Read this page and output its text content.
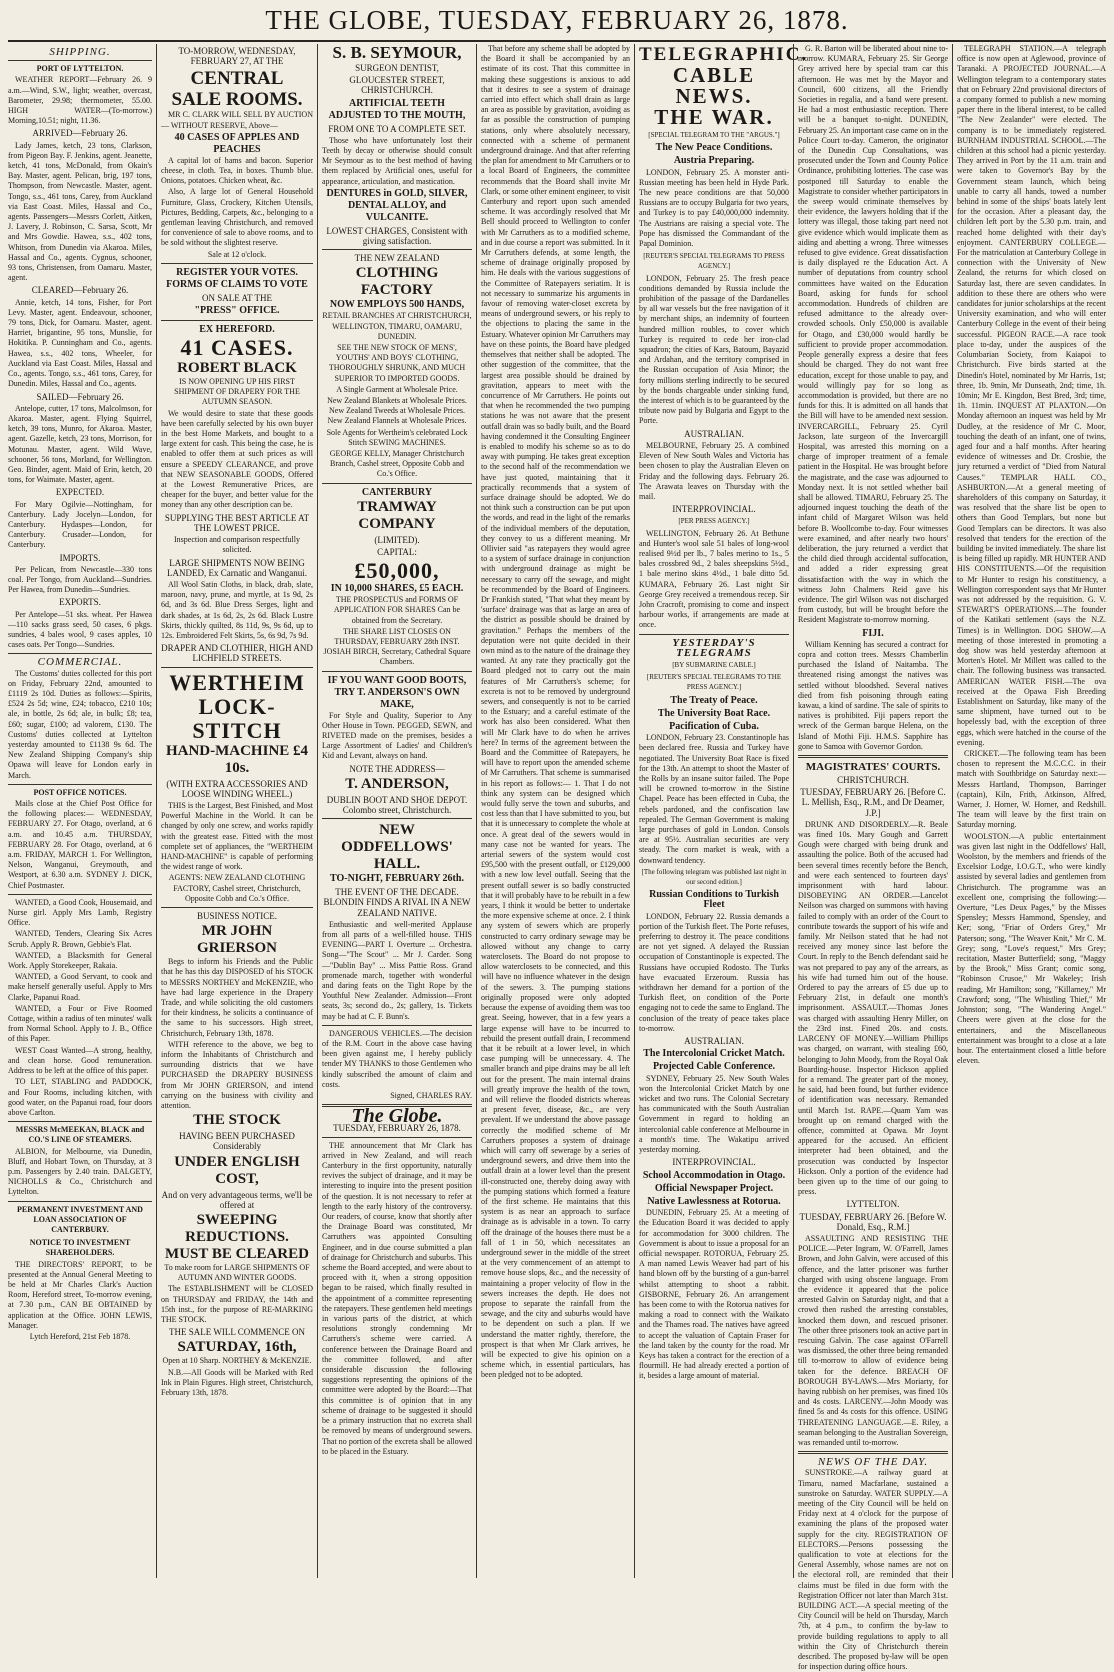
THE GLOBE, TUESDAY, FEBRUARY 26, 1878.
SHIPPING.
PORT OF LYTTELTON.

WEATHER REPORT—February 26. 9 a.m.—Wind, S.W., light; weather, overcast, Barometer, 29.98; thermometer, 55.00. HIGH WATER—(To-morrow.) Morning,10.51; night, 11.36.

ARRIVED—February 26.

Lady James, ketch, 23 tons, Clarkson, from Pigeon Bay. F. Jenkins, agent. Jeanette, ketch, 41 tons, McDonald, from Okain's Bay. Master, agent. Pelican, brig, 197 tons, Thompson, from Newcastle. Master, agent. Tongo, s.s., 461 tons, Carey, from Auckland via East Coast. Miles, Hassal and Co., agents. Passengers—Messrs Corlett, Aitken, J. Lavery, J. Robinson, C. Sarsa, Scott, Mr and Mrs Gowdie. Hawea, s.s., 402 tons, Whitson, from Dunedin via Akaroa. Miles, Hassal and Co., agents. Cygnus, schooner, 93 tons, Christensen, from Oamaru. Master, agent.

CLEARED—February 26.

Annie, ketch, 14 tons, Fisher, for Port Levy. Master, agent. Endeavour, schooner, 79 tons, Dick, for Oamaru. Master, agent. Harriet, brigantine, 95 tons, Munslie, for Hokitika. P. Cunningham and Co., agents. Hawea, s.s., 402 tons, Wheeler, for Auckland via East Coast. Miles, Hassal and Co., agents. Tongo, s.s., 461 tons, Carey, for Dunedin. Miles, Hassal and Co., agents.

SAILED—February 26.

Antelope, cutter, 17 tons, Malcolmson, for Akaroa. Master, agent. Flying Squirrel, ketch, 39 tons, Munro, for Akaroa. Master, agent. Gazelle, ketch, 23 tons, Morrison, for Motunau. Master, agent. Wild Wave, schooner, 56 tons, Morland, for Wellington. Geo. Binder, agent. Maid of Erin, ketch, 20 tons, for Waimate. Master, agent.

EXPECTED.

For Mary Ogilvie—Nottingham, for Canterbury. Lady Jocelyn—London, for Canterbury. Hydaspes—London, for Canterbury. Crusader—London, for Canterbury.

IMPORTS.

Per Pelican, from Newcastle—330 tons coal. Per Tongo, from Auckland—Sundries. Per Hawea, from Dunedin—Sundries.

EXPORTS.

Per Antelope—51 sks. wheat. Per Hawea—110 sacks grass seed, 50 cases, 6 pkgs. sundries, 4 bales wool, 9 cases apples, 10 cases oats. Per Tongo—Sundries.

COMMERCIAL.

The Customs' duties collected for this port on Friday, February 22nd, amounted to £1119 2s 10d. Duties as follows:—Spirits, £524 2s 5d; wine, £24; tobacco, £210 10s; ale, in bottle, 2s 6d; ale, in bulk; £8; tea, £60; sugar, £100; ad valorem, £130. The Customs' duties collected at Lyttelton yesterday amounted to £1138 9s 6d. The New Zealand Shipping Company's ship Opawa will leave for London early in March.

POST OFFICE NOTICES.

Mails close at the Chief Post Office for the following places:— WEDNESDAY, FEBRUARY 27. For Otago, overland, at 6 a.m. and 10.45 a.m. THURSDAY, FEBRUARY 28. For Otago, overland, at 6 a.m. FRIDAY, MARCH 1. For Wellington, Nelson, Wanganui, Greymouth, and Westport, at 6.30 a.m. SYDNEY J. DICK, Chief Postmaster.

WANTED, a Good Cook, Housemaid, and Nurse girl. Apply Mrs Lamb, Registry Office.

WANTED, Tenders, Clearing Six Acres Scrub. Apply R. Brown, Gebbie's Flat.

WANTED, a Blacksmith for General Work. Apply Storekeeper, Rakaia.

WANTED, a Good Servant, to cook and make herself generally useful. Apply to Mrs Clarke, Papanui Road.

WANTED, a Four or Five Roomed Cottage, within a radius of ten minutes' walk from Normal School. Apply to J. B., Office of this Paper.

WEST Coast Wanted—A strong, healthy, and clean horse. Good remuneration. Address to be left at the office of this paper.

TO LET, STABLING and PADDOCK, and Four Rooms, including kitchen, with good water, on the Papanui road, four doors above Carlton.

MESSRS McMEEKAN, BLACK and CO.'S LINE OF STEAMERS.

ALBION, for Melbourne, via Dunedin, Bluff, and Hobart Town, on Thursday, at 3 p.m. Passengers by 2.40 train. DALGETY, NICHOLLS & Co., Christchurch and Lyttelton.

PERMANENT INVESTMENT AND LOAN ASSOCIATION OF CANTERBURY.
NOTICE TO INVESTMENT SHAREHOLDERS.

THE DIRECTORS' REPORT, to be presented at the Annual General Meeting to be held at Mr Charles Clark's Auction Room, Hereford street, To-morrow evening, at 7.30 p.m., CAN BE OBTAINED by application at the Office. JOHN LEWIS, Manager.

Lytch Hereford, 21st Feb 1878.

TO-MORROW, WEDNESDAY, FEBRUARY 27, AT THE
CENTRAL
SALE ROOMS.

MR C. CLARK WILL SELL BY AUCTION— WITHOUT RESERVE, Above—

40 CASES OF APPLES AND PEACHES

A capital lot of hams and bacon. Superior cheese, in cloth. Tea, in boxes. Thumb blue. Onions, potatoes. Chicken wheat, &c.

Also, A large lot of General Household Furniture, Glass, Crockery, Kitchen Utensils, Pictures, Bedding, Carpets, &c., belonging to a gentleman leaving Christchurch, and removed for convenience of sale to above rooms, and to be sold without the slightest reserve.

Sale at 12 o'clock.

REGISTER YOUR VOTES.
FORMS OF CLAIMS TO VOTE
ON SALE AT THE
"PRESS" OFFICE.
EX HEREFORD.
41 CASES.
ROBERT BLACK

IS NOW OPENING UP HIS FIRST SHIPMENT OF DRAPERY FOR THE AUTUMN SEASON.

We would desire to state that these goods have been carefully selected by his own buyer in the best Home Markets, and bought to a large extent for cash. This being the case, he is enabled to offer them at such prices as will ensure a SPEEDY CLEARANCE, and prove that NEW SEASONABLE GOODS, Offered at the Lowest Remunerative Prices, are cheaper for the buyer, and better value for the money than any other description can be.

SUPPLYING THE BEST ARTICLE AT THE LOWEST PRICE.

Inspection and comparison respectfully solicited.

LARGE SHIPMENTS NOW BEING LANDED, Ex Carnatic and Wanganui.

All Wool Satin Cloths, in black, drab, slate, maroon, navy, prune, and myrtle, at 1s 9d, 2s 6d, and 3s 6d. Blue Dress Serges, light and dark shades, at 1s 6d, 2s, 2s 6d. Black Lustre Skirts, thickly quilted, 8s 11d, 9s, 9s 6d, up to 12s. Embroidered Felt Skirts, 5s, 6s 9d, 7s 9d.

DRAPER AND CLOTHIER, HIGH AND LICHFIELD STREETS.
WERTHEIM
LOCK-STITCH
HAND-MACHINE £4 10s.
(WITH EXTRA ACCESSORIES AND LOOSE WINDING WHEEL.)

THIS is the Largest, Best Finished, and Most Powerful Machine in the World. It can be changed by only one screw, and works rapidly with the greatest ease. Fitted with the most complete set of appliances, the "WERTHEIM HAND-MACHINE" is capable of performing the widest range of work.

AGENTS: NEW ZEALAND CLOTHING FACTORY, Cashel street, Christchurch, Opposite Cobb and Co.'s Office.

BUSINESS NOTICE.
MR JOHN GRIERSON

Begs to inform his Friends and the Public that he has this day DISPOSED of his STOCK to MESSRS NORTHEY and McKENZIE, who have had large experience in the Drapery Trade, and while soliciting the old customers for their kindness, he solicits a continuance of the same to his successors. High street, Christchurch, February 13th, 1878.

WITH reference to the above, we beg to inform the Inhabitants of Christchurch and surrounding districts that we have PURCHASED the DRAPERY BUSINESS from Mr JOHN GRIERSON, and intend carrying on the business with civility and attention.

THE STOCK
HAVING BEEN PURCHASED Considerably
UNDER ENGLISH COST,
And on very advantageous terms, we'll be offered at
SWEEPING REDUCTIONS.
MUST BE CLEARED

To make room for LARGE SHIPMENTS OF AUTUMN AND WINTER GOODS.

The ESTABLISHMENT will be CLOSED on THURSDAY and FRIDAY, the 14th and 15th inst., for the purpose of RE-MARKING THE STOCK.

THE SALE WILL COMMENCE ON
SATURDAY, 16th,

Open at 10 Sharp. NORTHEY & McKENZIE.

N.B.—All Goods will be Marked with Red Ink in Plain Figures. High street, Christchurch, February 13th, 1878.

S. B. SEYMOUR,
SURGEON DENTIST,
GLOUCESTER STREET, CHRISTCHURCH.
ARTIFICIAL TEETH ADJUSTED TO THE MOUTH,
FROM ONE TO A COMPLETE SET.

Those who have unfortunately lost their Teeth by decay or otherwise should consult Mr Seymour as to the best method of having them replaced by Artificial ones, useful for appearance, articulation, and mastication.

DENTURES in GOLD, SILVER, DENTAL ALLOY, and VULCANITE.
LOWEST CHARGES, Consistent with giving satisfaction.
THE NEW ZEALAND
CLOTHING FACTORY
NOW EMPLOYS 500 HANDS,

RETAIL BRANCHES AT CHRISTCHURCH, WELLINGTON, TIMARU, OAMARU, DUNEDIN.

SEE THE NEW STOCK OF MENS', YOUTHS' AND BOYS' CLOTHING, THOROUGHLY SHRUNK, AND MUCH SUPERIOR TO IMPORTED GOODS.

A Single Garment at Wholesale Price.

New Zealand Blankets at Wholesale Prices. New Zealand Tweeds at Wholesale Prices. New Zealand Flannels at Wholesale Prices.

Sole Agents for Wertheim's celebrated Lock Stitch SEWING MACHINES.

GEORGE KELLY, Manager Christchurch Branch, Cashel street, Opposite Cobb and Co.'s Office.

CANTERBURY
TRAMWAY COMPANY
(LIMITED).
CAPITAL:
£50,000,
IN 10,000 SHARES, £5 EACH.

THE PROSPECTUS and FORMS OF APPLICATION FOR SHARES Can be obtained from the Secretary.

THE SHARE LIST CLOSES ON THURSDAY, FEBRUARY 28th INST. JOSIAH BIRCH, Secretary, Cathedral Square Chambers.

IF YOU WANT GOOD BOOTS, TRY T. ANDERSON'S OWN MAKE,

For Style and Quality, Superior to Any Other House in Town. PEGGED, SEWN, and RIVETED made on the premises, besides a Large Assortment of Ladies' and Children's Kid and Levant, always on hand.

NOTE THE ADDRESS—
T. ANDERSON,
DUBLIN BOOT AND SHOE DEPOT. Colombo street, Christchurch.
NEW ODDFELLOWS' HALL.
TO-NIGHT, FEBRUARY 26th.
THE EVENT OF THE DECADE. BLONDIN FINDS A RIVAL IN A NEW ZEALAND NATIVE.

Enthusiastic and well-merited Applause from all parts of a well-filled house. THIS EVENING—PART I. Overture ... Orchestra. Song—"The Scout" ... Mr J. Carder. Song—"Dublin Bay" ... Miss Pattie Ross. Grand promenade march, together with wonderful and daring feats on the Tight Rope by the Youthful New Zealander. Admission—Front seats, 3s; second do., 2s; gallery, 1s. Tickets may be had at C. F. Bunn's.

DANGEROUS VEHICLES.—The decision of the R.M. Court in the above case having been given against me, I hereby publicly tender MY THANKS to those Gentlemen who kindly subscribed the amount of claim and costs.

Signed, CHARLES RAY.

The Globe.
TUESDAY, FEBRUARY 26, 1878.

THE announcement that Mr Clark has arrived in New Zealand, and will reach Canterbury in the first opportunity, naturally revives the subject of drainage, and it may be interesting to inquire into the present position of the question. It is not necessary to refer at length to the early history of the controversy. Our readers, of course, know that shortly after the Drainage Board was constituted, Mr Carruthers was appointed Consulting Engineer, and in due course submitted a plan of drainage for Christchurch and suburbs. This scheme the Board accepted, and were about to proceed with it, when a strong opposition began to be raised, which finally resulted in the appointment of a committee representing the ratepayers. These gentlemen held meetings in various parts of the district, at which resolutions strongly condemning Mr Carruthers's scheme were carried. A conference between the Drainage Board and the committee followed, and after considerable discussion the following suggestions representing the opinions of the committee were adopted by the Board:—That this committee is of opinion that in any scheme of drainage to be suggested it should be a primary instruction that no excreta shall be removed by means of underground sewers. That no portion of the excreta shall be allowed to be placed in the Estuary.

That before any scheme shall be adopted by the Board it shall be accompanied by an estimate of its cost. That this committee in making these suggestions is anxious to add that it desires to see a system of drainage carried into effect which shall drain as large an area as possible by gravitation, avoiding as far as possible the construction of pumping stations, only where absolutely necessary, connected with a scheme of permanent underground drainage. And that after referring the plan for amendment to Mr Carruthers or to a local Board of Engineers, the committee recommends that the Board shall invite Mr Clark, or some other eminent engineer, to visit Canterbury and report upon such amended scheme. It was accordingly resolved that Mr Bell should proceed to Wellington to confer with Mr Carruthers as to a modified scheme, and in due course a report was submitted. In it Mr Carruthers defends, at some length, the scheme of drainage originally proposed by him. He deals with the various suggestions of the Committee of Ratepayers seriatim. It is not necessary to summarize his arguments in favour of removing water-closet excreta by means of underground sewers, or his reply to the objections to placing the same in the Estuary. Whatever opinion Mr Carruthers may have on these points, the Board have pledged themselves that neither shall be adopted. The other suggestion of the committee, that the largest area possible should be drained by gravitation, appears to meet with the concurrence of Mr Carruthers. He points out that when he recommended the two pumping stations he was not aware that the present outfall drain was so badly built, and the Board having condemned it the Consulting Engineer is enabled to modify his scheme so as to do away with pumping. He takes great exception to the second half of the recommendation we have just quoted, maintaining that it practically recommends that a system of surface drainage should be adopted. We do not think such a construction can be put upon the words, and read in the light of the remarks of the individual members of the deputation, they convey to us a different meaning. Mr Ollivier said "as ratepayers they would agree to a system of surface drainage in conjunction with underground drainage as might be necessary to carry off the sewage, and might be recommended by the Board of Engineers. Dr Frankish stated, "That what they meant by 'surface' drainage was that as large an area of the district as possible should be drained by gravitation." Perhaps the members of the deputation were not quite decided in their own mind as to the nature of the drainage they wanted. At any rate they practically got the Board pledged not to carry out the main features of Mr Carruthers's scheme; for excreta is not to be removed by underground sewers, and consequently is not to be carried to the Estuary; and a careful estimate of the work has also been considered. What then will Mr Clark have to do when he arrives here? In terms of the agreement between the Board and the Committee of Ratepayers, he will have to report upon the amended scheme of Mr Carruthers. That scheme is summarised in his report as follows:— 1. That I do not think any system can be designed which would fully serve the town and suburbs, and cost less than that I have submitted to you, but that it is unnecessary to complete the whole at once. A great deal of the sewers would in many case not be wanted for years. The arterial sewers of the system would cost £95,500 with the present outfall, or £129,000 with a new low level outfall. Seeing that the present outfall sewer is so badly constructed that it will probably have to be rebuilt in a few years, I think it would be better to undertake the more expensive scheme at once. 2. I think any system of sewers which are properly constructed to carry ordinary sewage may be allowed without any change to carry waterclosets. The Board do not propose to allow waterclosets to be connected, and this will have no influence whatever in the design of the sewers. 3. The pumping stations originally proposed were only adopted because the expense of avoiding them was too great. Seeing, however, that in a few years a large expense will have to be incurred to rebuild the present outfall drain, I recommend that it be rebuilt at a lower level, in which case pumping will be unnecessary. 4. The smaller branch and pipe drains may be all left out for the present. The main internal drains will greatly improve the health of the town, and will relieve the flooded districts whereas at present fever, disease, &c., are very prevalent. If we understand the above passage correctly the modified scheme of Mr Carruthers proposes a system of drainage which will carry off sewerage by a series of underground sewers, and drive them into the outfall drain at a lower level than the present ill-constructed one, thereby doing away with the pumping stations which formed a feature of the first scheme. He maintains that this system is as near an approach to surface drainage as is advisable in a town. To carry off the drainage of the houses there must be a fall of 1 in 50, which necessitates an underground sewer in the middle of the street at the very commencement of an attempt to remove house slops, &c., and the necessity of maintaining a proper velocity of flow in the sewers increases the depth. He does not propose to separate the rainfall from the sewage, and the city and suburbs would have to be dependent on such a plan. If we understand the matter rightly, therefore, the prospect is that when Mr Clark arrives, he will be expected to give his opinion on a scheme which, in essential particulars, has been pledged not to be adopted.

TELEGRAPHIC.
CABLE NEWS.
THE WAR.
[SPECIAL TELEGRAM TO THE "ARGUS."]
The New Peace Conditions.
Austria Preparing.

LONDON, February 25. A monster anti-Russian meeting has been held in Hyde Park. The new peace conditions are that 50,000 Russians are to occupy Bulgaria for two years, and Turkey is to pay £40,000,000 indemnity. The Austrians are raising a special vote. The Pope has dismissed the Commandant of the Papal Dominion.

[REUTER'S SPECIAL TELEGRAMS TO PRESS AGENCY.]

LONDON, February 25. The fresh peace conditions demanded by Russia include the prohibition of the passage of the Dardanelles by all war vessels but the free navigation of it by merchant ships, an indemnity of fourteen hundred million roubles, to cover which Turkey is required to cede her iron-clad squadron; the cities of Kars, Batoum, Bayazid and Ardahan, and the territory comprised in the Russian occupation of Asia Minor; the forty millions sterling indirectly to be secured by the bonds chargeable under sinking fund, the interest of which is to be guaranteed by the tribute now paid by Bulgaria and Egypt to the Porte.

AUSTRALIAN.

MELBOURNE, February 25. A combined Eleven of New South Wales and Victoria has been chosen to play the Australian Eleven on Friday and the following days. February 26. The Arawata leaves on Thursday with the mail.

INTERPROVINCIAL.
[PER PRESS AGENCY.]

WELLINGTON, February 26. At Bethune and Hunter's wool sale 51 bales of long-wool realised 9½d per lb., 7 bales merino to 1s., 5 bales crossbred 9d., 2 bales sheepskins 5½d., 1 bale merino skins 4½d., 1 bale ditto 5d. KUMARA, February 26. Last night Sir George Grey received a tremendous recep. Sir John Cracroft, promising to come and inspect harbour works, if arrangements are made at once.

YESTERDAY'S TELEGRAMS
[BY SUBMARINE CABLE.]
[REUTER'S SPECIAL TELEGRAMS TO THE PRESS AGENCY.]
The Treaty of Peace.
The University Boat Race.
Pacification of Cuba.

LONDON, February 23. Constantinople has been declared free. Russia and Turkey have negotiated. The University Boat Race is fixed for the 13th. An attempt to shoot the Master of the Rolls by an insane suitor failed. The Pope will be crowned to-morrow in the Sistine Chapel. Peace has been effected in Cuba, the rebels pardoned, and the confiscation law repealed. The German Government is making large purchases of gold in London. Consols are at 95½. Australian securities are very steady. The corn market is weak, with a downward tendency.

[The following telegram was published last night in our second edition.]

Russian Conditions to Turkish Fleet

LONDON, February 22. Russia demands a portion of the Turkish fleet. The Porte refuses, preferring to destroy it. The peace conditions are not yet signed. A delayed the Russian occupation of Constantinople is expected. The Russians have occupied Rodosto. The Turks have evacuated Erzeroum. Russia has withdrawn her demand for a portion of the Turkish fleet, on condition of the Porte engaging not to cede the same to England. The conclusion of the treaty of peace takes place to-morrow.

AUSTRALIAN.
The Intercolonial Cricket Match.
Projected Cable Conference.

SYDNEY, February 25. New South Wales won the Intercolonial Cricket Match by one wicket and two runs. The Colonial Secretary has communicated with the South Australian Government in regard to holding an intercolonial cable conference at Melbourne in a month's time. The Wakatipu arrived yesterday morning.

INTERPROVINCIAL.
School Accommodation in Otago.
Official Newspaper Project.
Native Lawlessness at Rotorua.

DUNEDIN, February 25. At a meeting of the Education Board it was decided to apply for accommodation for 3000 children. The Government is about to issue a proposal for an official newspaper. ROTORUA, February 25. A man named Lewis Weaver had part of his hand blown off by the bursting of a gun-barrel whilst attempting to shoot a rabbit. GISBORNE, February 26. An arrangement has been come to with the Rotorua natives for making a road to connect with the Waikato and the Thames road. The natives have agreed to accept the valuation of Captain Fraser for the land taken by the county for the road. Mr Keys has taken a contract for the erection of a flourmill. He had already erected a portion of it, besides a large amount of material.

G. R. Barton will be liberated about nine to-morrow. KUMARA, February 25. Sir George Grey arrived here by special tram car this afternoon. He was met by the Mayor and Council, 600 citizens, all the Friendly Societies in regalia, and a band were present. He had a most enthusiastic reception. There will be a banquet to-night. DUNEDIN, February 25. An important case came on in the Police Court to-day. Cameron, the originator of the Dunedin Cup Consultations, was prosecuted under the Town and County Police Ordinance, prohibiting lotteries. The case was postponed till Saturday to enable the Magistrate to consider whether participators in the sweep would criminate themselves by their evidence, the lawyers holding that if the lottery was illegal, those taking part need not give evidence which would implicate them as aiding and abetting a wrong. Three witnesses refused to give evidence. Great dissatisfaction is daily displayed re the Education Act. A number of deputations from country school committees have waited on the Education Board, asking for funds for school accommodation. Hundreds of children are refused admittance to the already over-crowded schools. Only £50,000 is available for Otago, and £30,000 would hardly be sufficient to provide proper accommodation. People generally express a desire that fees should be charged. They do not want free education, except for those unable to pay, and would willingly pay for so long as accommodation is provided, but there are no funds for this. It is admitted on all hands that the Bill will have to be amended next session. INVERCARGILL, February 25. Cyril Jackson, late surgeon of the Invercargill Hospital, was arrested this morning on a charge of improper treatment of a female patient in the Hospital. He was brought before the magistrate, and the case was adjourned to Monday next. It is not settled whether bail shall be allowed. TIMARU, February 25. The adjourned inquest touching the death of the infant child of Margaret Wilson was held before B. Woollcombe to-day. Four witnesses were examined, and after nearly two hours' deliberation, the jury returned a verdict that the child died through accidental suffocation, and added a rider expressing great dissatisfaction with the way in which the witness John Chalmers Reid gave his evidence. The girl Wilson was not discharged from custody, but will be brought before the Resident Magistrate to-morrow morning.

FIJI.

William Kenning has secured a contract for copra and cotton trees. Messrs Chamberlin purchased the Island of Naitamba. The threatened rising amongst the natives was settled without bloodshed. Several natives died from fish poisoning through eating kawau, a kind of sardine. The sale of spirits to natives is prohibited. Fiji papers report the wreck of the German barque Helena, on the Island of Mothi Fiji. H.M.S. Sapphire has gone to Samoa with Governor Gordon.

MAGISTRATES' COURTS.
CHRISTCHURCH.
TUESDAY, FEBRUARY 26. [Before C. L. Mellish, Esq., R.M., and Dr Deamer, J.P.]

DRUNK AND DISORDERLY.—R. Beale was fined 10s. Mary Gough and Garrett Gough were charged with being drunk and assaulting the police. Both of the accused had been several times recently before the Bench, and were each sentenced to fourteen days' imprisonment with hard labour. DISOBEYING AN ORDER.—Lancelot Neilson was charged on summons with having failed to comply with an order of the Court to contribute towards the support of his wife and family. Mr Neilson stated that he had not received any money since last before the Court. In reply to the Bench defendant said he was not prepared to pay any of the arrears, as his wife had turned him out of the house. Ordered to pay the arrears of £5 due up to February 21st, in default one month's imprisonment. ASSAULT.—Thomas Jones was charged with assaulting Henry Miller, on the 23rd inst. Fined 20s. and costs. LARCENY OF MONEY.—William Phillips was charged, on warrant, with stealing £60, belonging to John Moody, from the Royal Oak Boarding-house. Inspector Hickson applied for a remand. The greater part of the money, he said, had been found, but further evidence of identification was necessary. Remanded until March 1st. RAPE.—Quam Yam was brought up on remand charged with the offence, committed at Opawa. Mr Joynt appeared for the accused. An efficient interpreter had been obtained, and the prosecution was conducted by Inspector Hickson. Only a portion of the evidence had been given up to the time of our going to press.

LYTTELTON.
TUESDAY, FEBRUARY 26. [Before W. Donald, Esq., R.M.]

ASSAULTING AND RESISTING THE POLICE.—Peter Ingram, W. O'Farrell, James Brown, and John Galvin, were accused of this offence, and the latter prisoner was further charged with using obscene language. From the evidence it appeared that the police arrested Galvin on Saturday night, and that a crowd then rushed the arresting constables, knocked them down, and rescued prisoner. The other three prisoners took an active part in rescuing Galvin. The case against O'Farrell was dismissed, the other three being remanded till to-morrow to allow of evidence being taken for the defence. BREACH OF BOROUGH BY-LAWS.—Mrs Moriarty, for having rubbish on her premises, was fined 10s and 4s costs. LARCENY.—John Moody was fined 5s and 4s costs for this offence. USING THREATENING LANGUAGE.—E. Riley, a seaman belonging to the Australian Sovereign, was remanded until to-morrow.

NEWS OF THE DAY.

SUNSTROKE.—A railway guard at Timaru, named Macfarlane, sustained a sunstroke on Saturday. WATER SUPPLY.—A meeting of the City Council will be held on Friday next at 4 o'clock for the purpose of examining the plans of the proposed water supply for the city. REGISTRATION OF ELECTORS.—Persons possessing the qualification to vote at elections for the General Assembly, whose names are not on the electoral roll, are reminded that their claims must be filed in due form with the Registration Officer not later than March 31st. BUILDING ACT.—A special meeting of the City Council will be held on Thursday, March 7th, at 4 p.m., to confirm the by-law to provide building regulations to apply to all within the City of Christchurch therein described. The proposed by-law will be open for inspection during office hours.

TELEGRAPH STATION.—A telegraph office is now open at Aglewood, province of Taranaki. A PROJECTED JOURNAL.—A Wellington telegram to a contemporary states that on February 22nd provisional directors of a company formed to publish a new morning paper there in the liberal interest, to be called "The New Zealander" were elected. The company is to be immediately registered. BURNHAM INDUSTRIAL SCHOOL.—The children at this school had a picnic yesterday. They arrived in Port by the 11 a.m. train and were taken to Governor's Bay by the Government steam launch, which being unable to carry all hands, towed a number behind in some of the ships' boats lately lent for the occasion. After a pleasant day, the children left port by the 5.30 p.m. train, and reached home delighted with their day's enjoyment. CANTERBURY COLLEGE.—For the matriculation at Canterbury College in connection with the University of New Zealand, the returns for which closed on Saturday last, there are seven candidates. In addition to these there are others who were candidates for junior scholarships at the recent University examination, and who will enter Canterbury College in the event of their being successful. PIGEON RACE.—A race took place to-day, under the auspices of the Columbarian Society, from Kaiapoi to Christchurch. Five birds started at the Dinedin's Hotel, nominated by Mr Harris, 1st; three, 1b. 9min, Mr Dunseath, 2nd; time, 1h. 10min; Mr E. Kingdon, Best Bred, 3rd; time, 1h. 11min. INQUEST AT PLAXTON.—On Monday afternoon an inquest was held by Mr Dudley, at the residence of Mr C. Moor, touching the death of an infant, one of twins, aged four and a half months. After hearing evidence of witnesses and Dr. Crosbie, the jury returned a verdict of "Died from Natural Causes." TEMPLAR HALL CO., ASHBURTON.—At a general meeting of shareholders of this company on Saturday, it was resolved that the share list be open to others than Good Templars, but none but Good Templars can be directors. It was also resolved that tenders for the erection of the building be invited immediately. The share list is being filled up rapidly. MR HUNTER AND HIS CONSTITUENTS.—Of the requisition to Mr Hunter to resign his constituency, a Wellington correspondent says that Mr Hunter was not addressed by the requisition. G. V. STEWART'S OPERATIONS.—The founder of the Katikati settlement (says the N.Z. Times) is in Wellington. DOG SHOW.—A meeting of those interested in promoting a dog show was held yesterday afternoon at Morten's Hotel. Mr Millett was called to the chair. The following business was transacted. AMERICAN WATER FISH.—The ova received at the Opawa Fish Breeding Establishment on Saturday, like many of the same shipment, have turned out to be hopelessly bad, with the exception of three eggs, which were hatched in the course of the evening.

CRICKET.—The following team has been chosen to represent the M.C.C.C. in their match with Southbridge on Saturday next:—Messrs Hartland, Thompson, Barringer (captain), Kiln, Frith, Atkinson, Alfred, Warner, J. Horner, W. Horner, and Redshill. The team will leave by the first train on Saturday morning.

WOOLSTON.—A public entertainment was given last night in the Oddfellows' Hall, Woolston, by the members and friends of the Excelsior Lodge, I.O.G.T., who were kindly assisted by several ladies and gentlemen from Christchurch. The programme was an excellent one, comprising the following:—Overture, "Les Deux Pages," by the Misses Spensley; Messrs Hammond, Spensley, and Ker; song, "Friar of Orders Grey," Mr Paterson; song, "The Weaver Knit," Mr C. M. Grey; song, "Love's request," Mrs Grey; recitation, Master Butterfield; song, "Maggy by the Brook," Miss Grant; comic song, "Robinson Crusoe," Mr Wakeley; Irish reading, Mr Hamilton; song, "Killarney," Mr Crawford; song, "The Whistling Thief," Mr Johnston; song, "The Wandering Angel." Cheers were given at the close for the entertainers, and the Miscellaneous entertainment was brought to a close at a late hour. The entertainment closed a little before eleven.
